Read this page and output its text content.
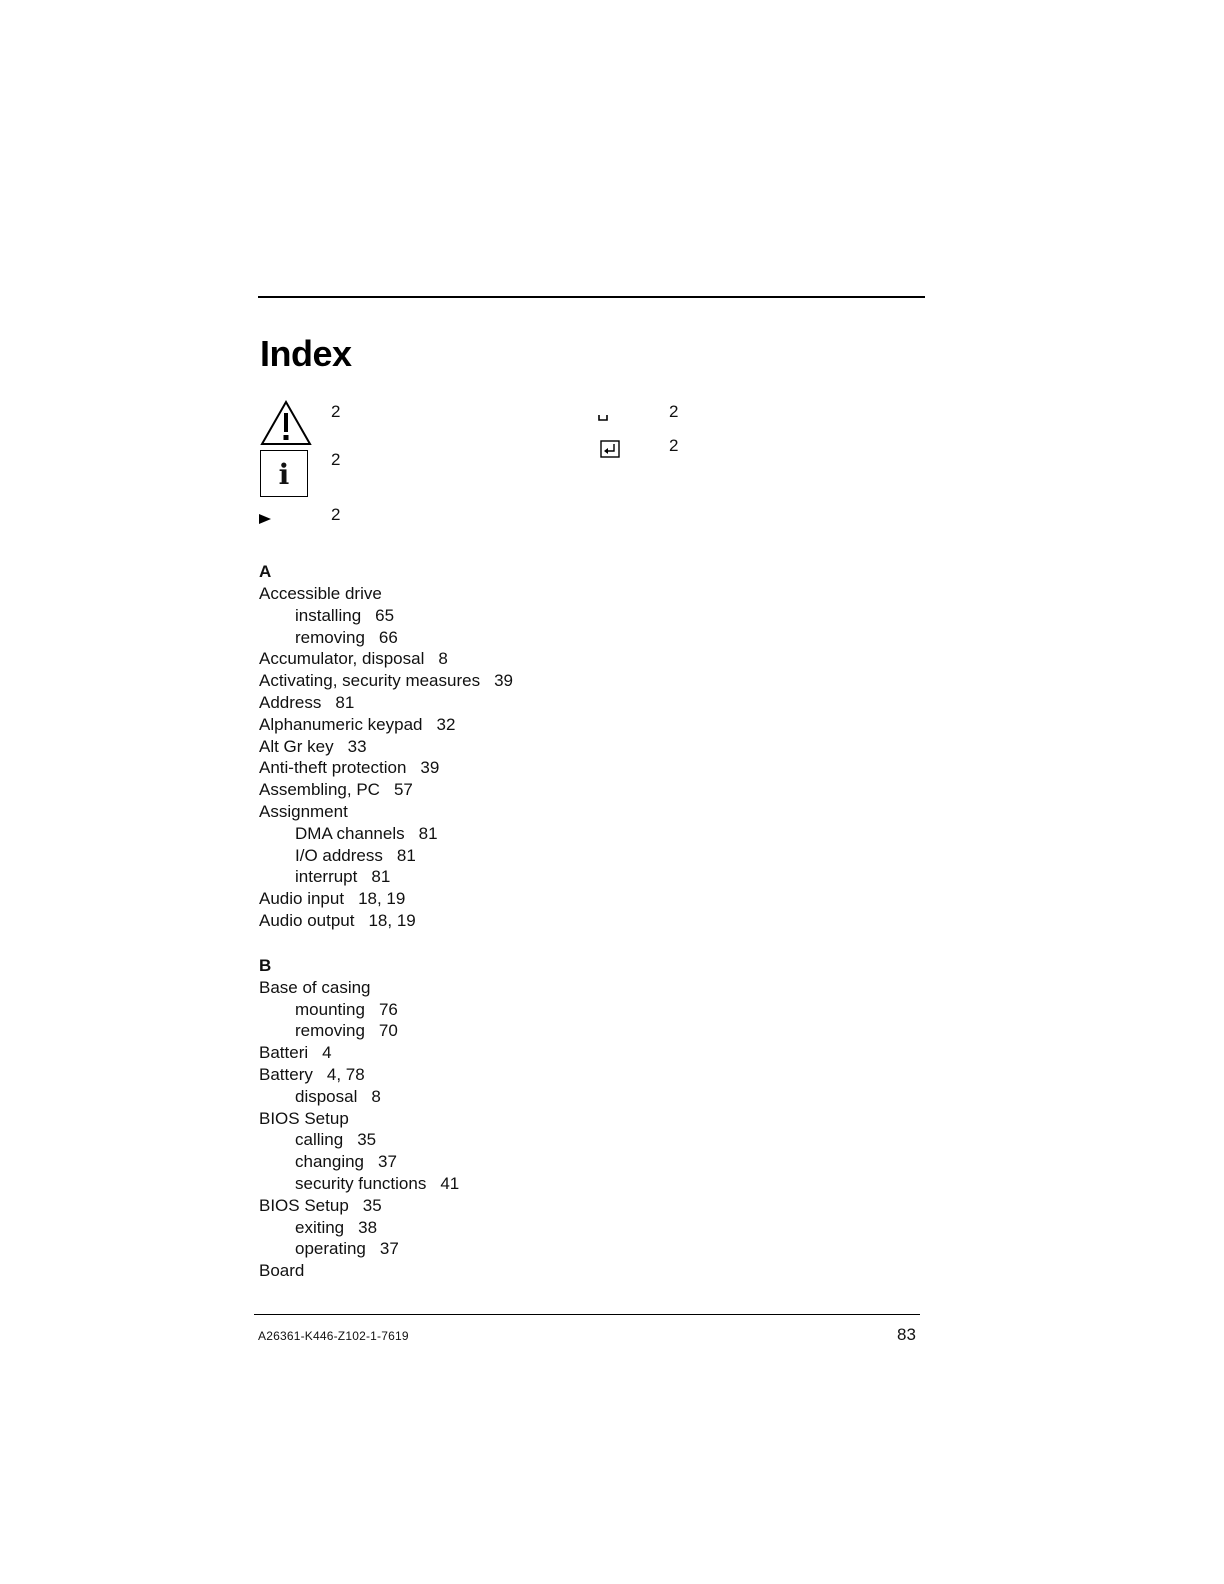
Index
2
i	2
2
2
2
A
Accessible drive
installing 65
removing 66
Accumulator, disposal 8
Activating, security measures 39
Address 81
Alphanumeric keypad 32
Alt Gr key 33
Anti-theft protection 39
Assembling, PC 57
Assignment
DMA channels 81
I/O address 81
interrupt 81
Audio input 18, 19
Audio output 18, 19
B
Base of casing
mounting 76
removing 70
Batteri 4
Battery 4, 78
disposal 8
BIOS Setup
calling 35
changing 37
security functions 41
BIOS Setup 35
exiting 38
operating 37
Board
A26361-K446-Z102-1-7619	83
